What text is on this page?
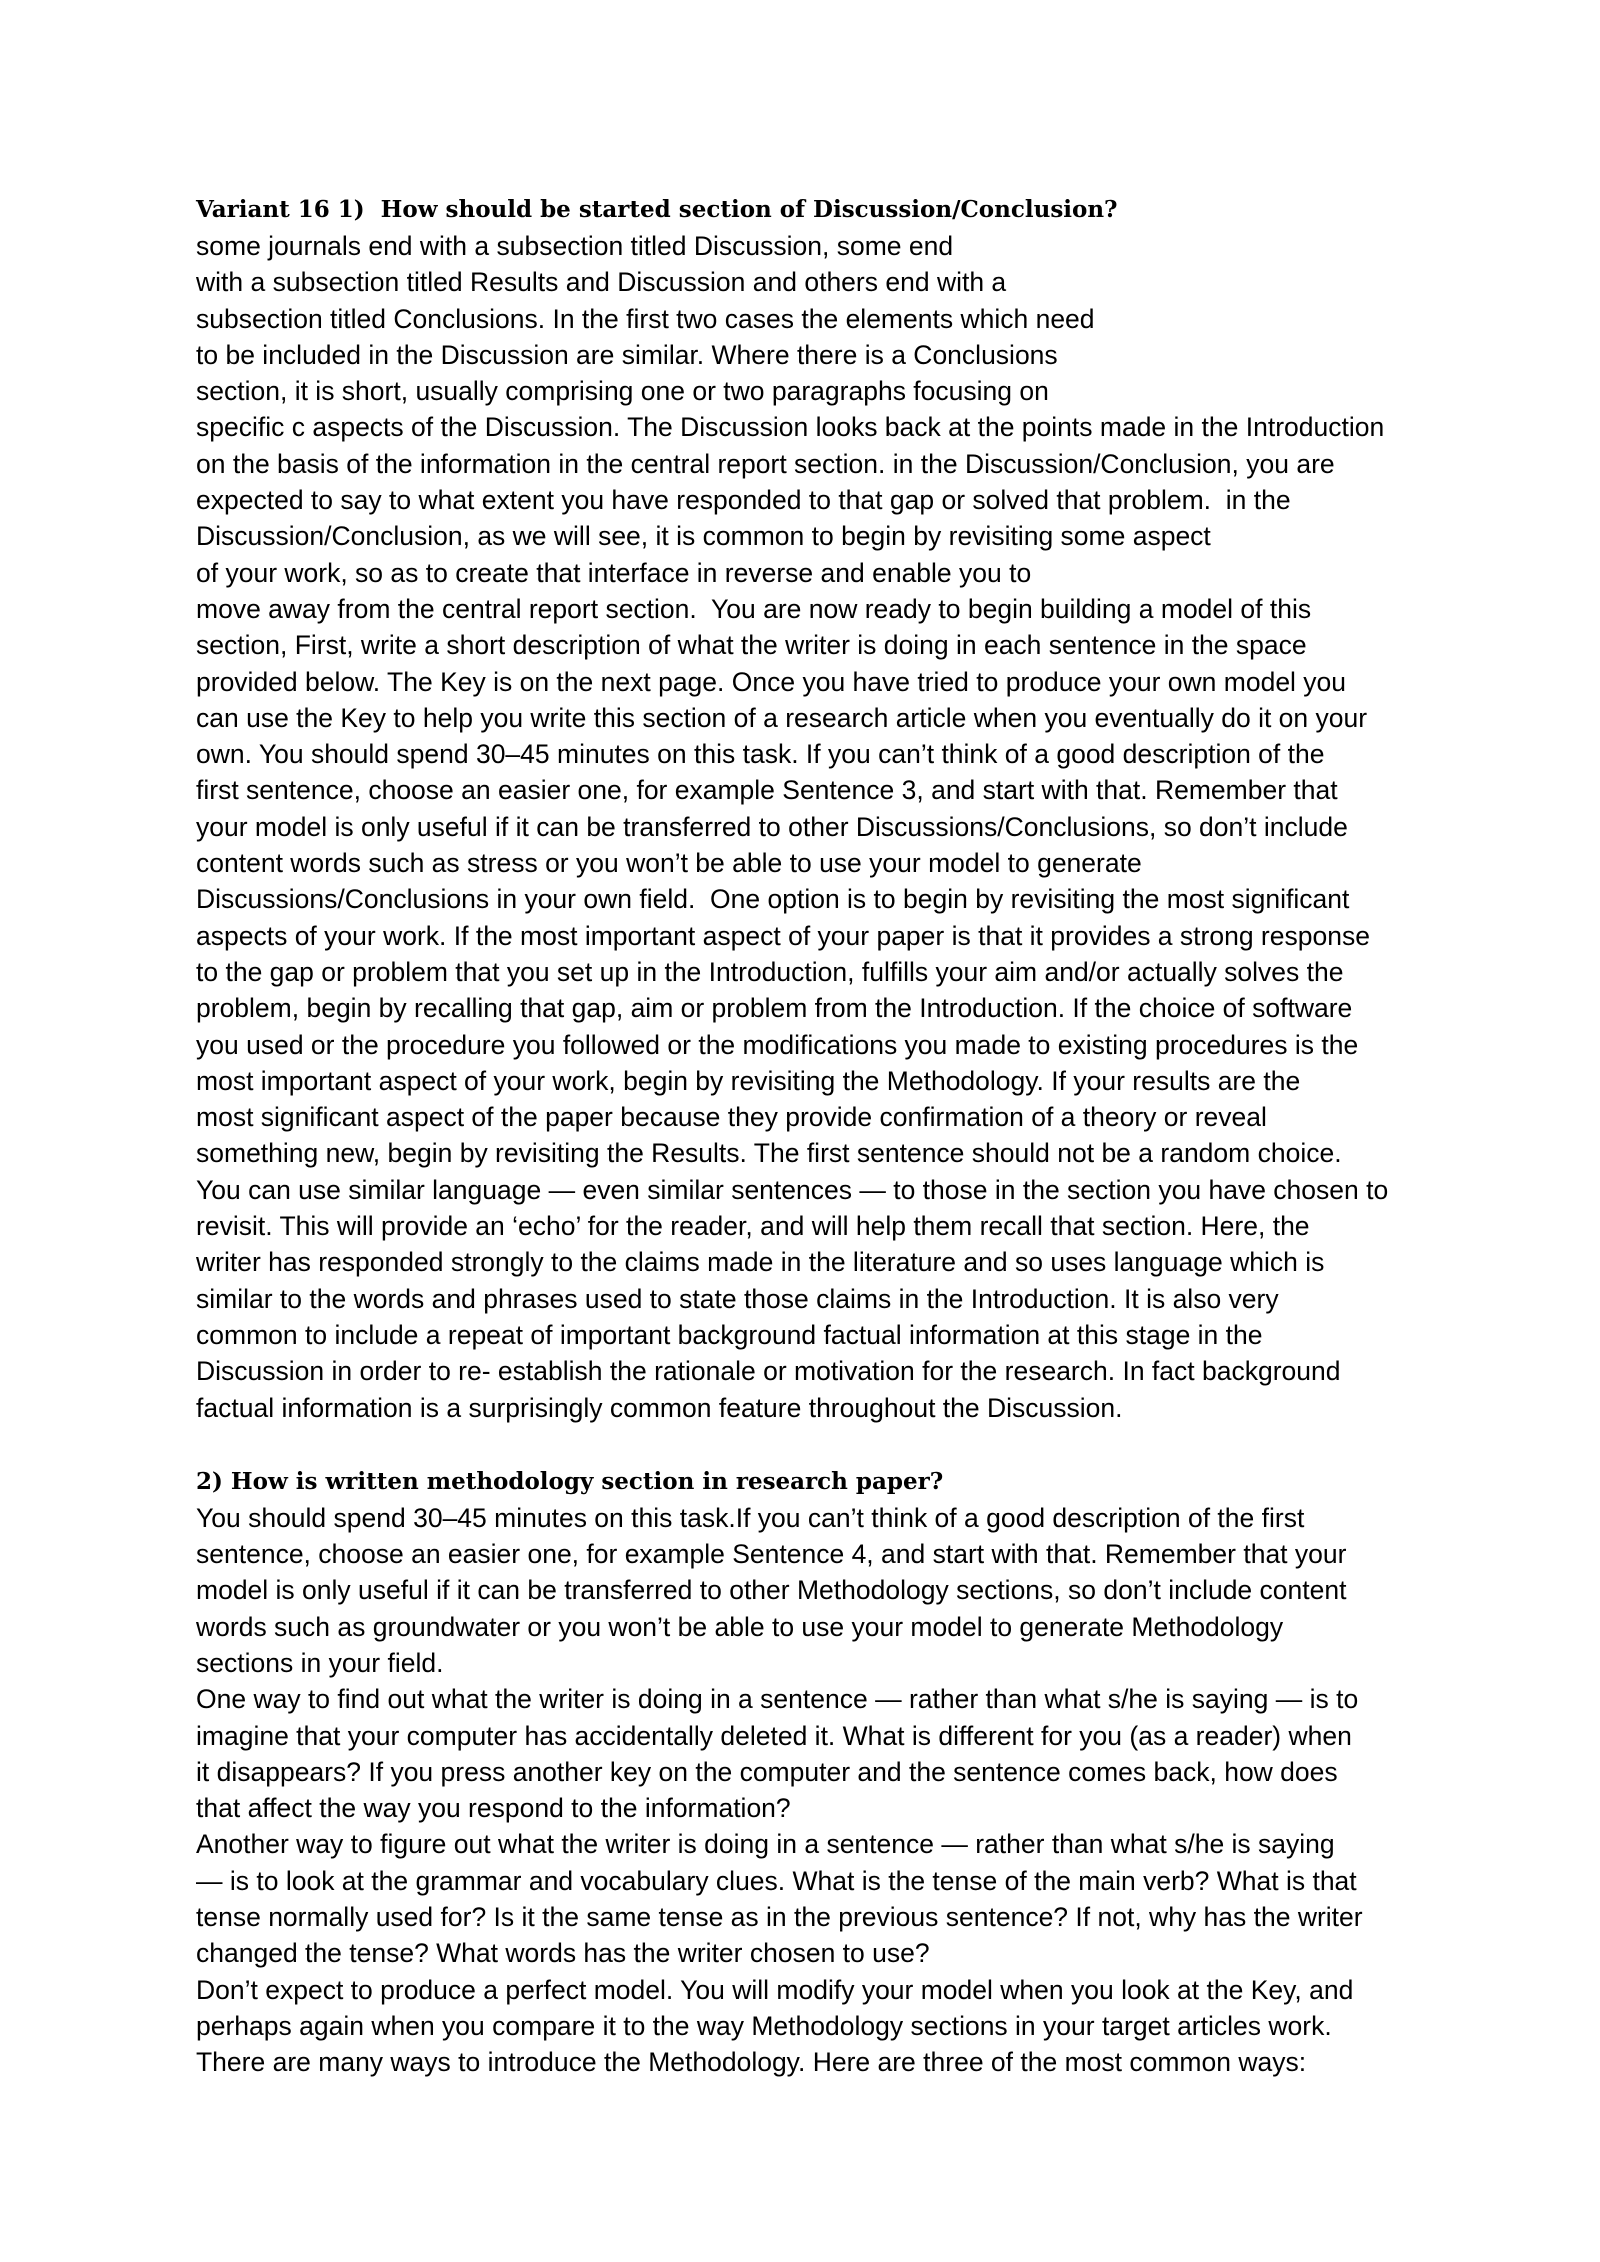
Variant 16 1)  How should be started section of Discussion/Conclusion?

some journals end with a subsection titled Discussion, some end

with a subsection titled Results and Discussion and others end with a

subsection titled Conclusions. In the first two cases the elements which need

to be included in the Discussion are similar. Where there is a Conclusions

section, it is short, usually comprising one or two paragraphs focusing on

specific c aspects of the Discussion. The Discussion looks back at the points made in the Introduction

on the basis of the information in the central report section. in the Discussion/Conclusion, you are

expected to say to what extent you have responded to that gap or solved that problem.  in the

Discussion/Conclusion, as we will see, it is common to begin by revisiting some aspect

of your work, so as to create that interface in reverse and enable you to

move away from the central report section.  You are now ready to begin building a model of this

section, First, write a short description of what the writer is doing in each sentence in the space

provided below. The Key is on the next page. Once you have tried to produce your own model you

can use the Key to help you write this section of a research article when you eventually do it on your

own. You should spend 30–45 minutes on this task. If you can’t think of a good description of the

first sentence, choose an easier one, for example Sentence 3, and start with that. Remember that

your model is only useful if it can be transferred to other Discussions/Conclusions, so don’t include

content words such as stress or you won’t be able to use your model to generate

Discussions/Conclusions in your own field.  One option is to begin by revisiting the most significant

aspects of your work. If the most important aspect of your paper is that it provides a strong response

to the gap or problem that you set up in the Introduction, fulfills your aim and/or actually solves the

problem, begin by recalling that gap, aim or problem from the Introduction. If the choice of software

you used or the procedure you followed or the modifications you made to existing procedures is the

most important aspect of your work, begin by revisiting the Methodology. If your results are the

most significant aspect of the paper because they provide confirmation of a theory or reveal

something new, begin by revisiting the Results. The first sentence should not be a random choice.

You can use similar language — even similar sentences — to those in the section you have chosen to

revisit. This will provide an ‘echo’ for the reader, and will help them recall that section. Here, the

writer has responded strongly to the claims made in the literature and so uses language which is

similar to the words and phrases used to state those claims in the Introduction. It is also very

common to include a repeat of important background factual information at this stage in the

Discussion in order to re- establish the rationale or motivation for the research. In fact background

factual information is a surprisingly common feature throughout the Discussion.

2) How is written methodology section in research paper?

You should spend 30–45 minutes on this task.If you can’t think of a good description of the first

sentence, choose an easier one, for example Sentence 4, and start with that. Remember that your

model is only useful if it can be transferred to other Methodology sections, so don’t include content

words such as groundwater or you won’t be able to use your model to generate Methodology

sections in your field.

One way to find out what the writer is doing in a sentence — rather than what s/he is saying — is to

imagine that your computer has accidentally deleted it. What is different for you (as a reader) when

it disappears? If you press another key on the computer and the sentence comes back, how does

that affect the way you respond to the information?

Another way to figure out what the writer is doing in a sentence — rather than what s/he is saying

— is to look at the grammar and vocabulary clues. What is the tense of the main verb? What is that

tense normally used for? Is it the same tense as in the previous sentence? If not, why has the writer

changed the tense? What words has the writer chosen to use?

Don’t expect to produce a perfect model. You will modify your model when you look at the Key, and

perhaps again when you compare it to the way Methodology sections in your target articles work.

There are many ways to introduce the Methodology. Here are three of the most common ways:
